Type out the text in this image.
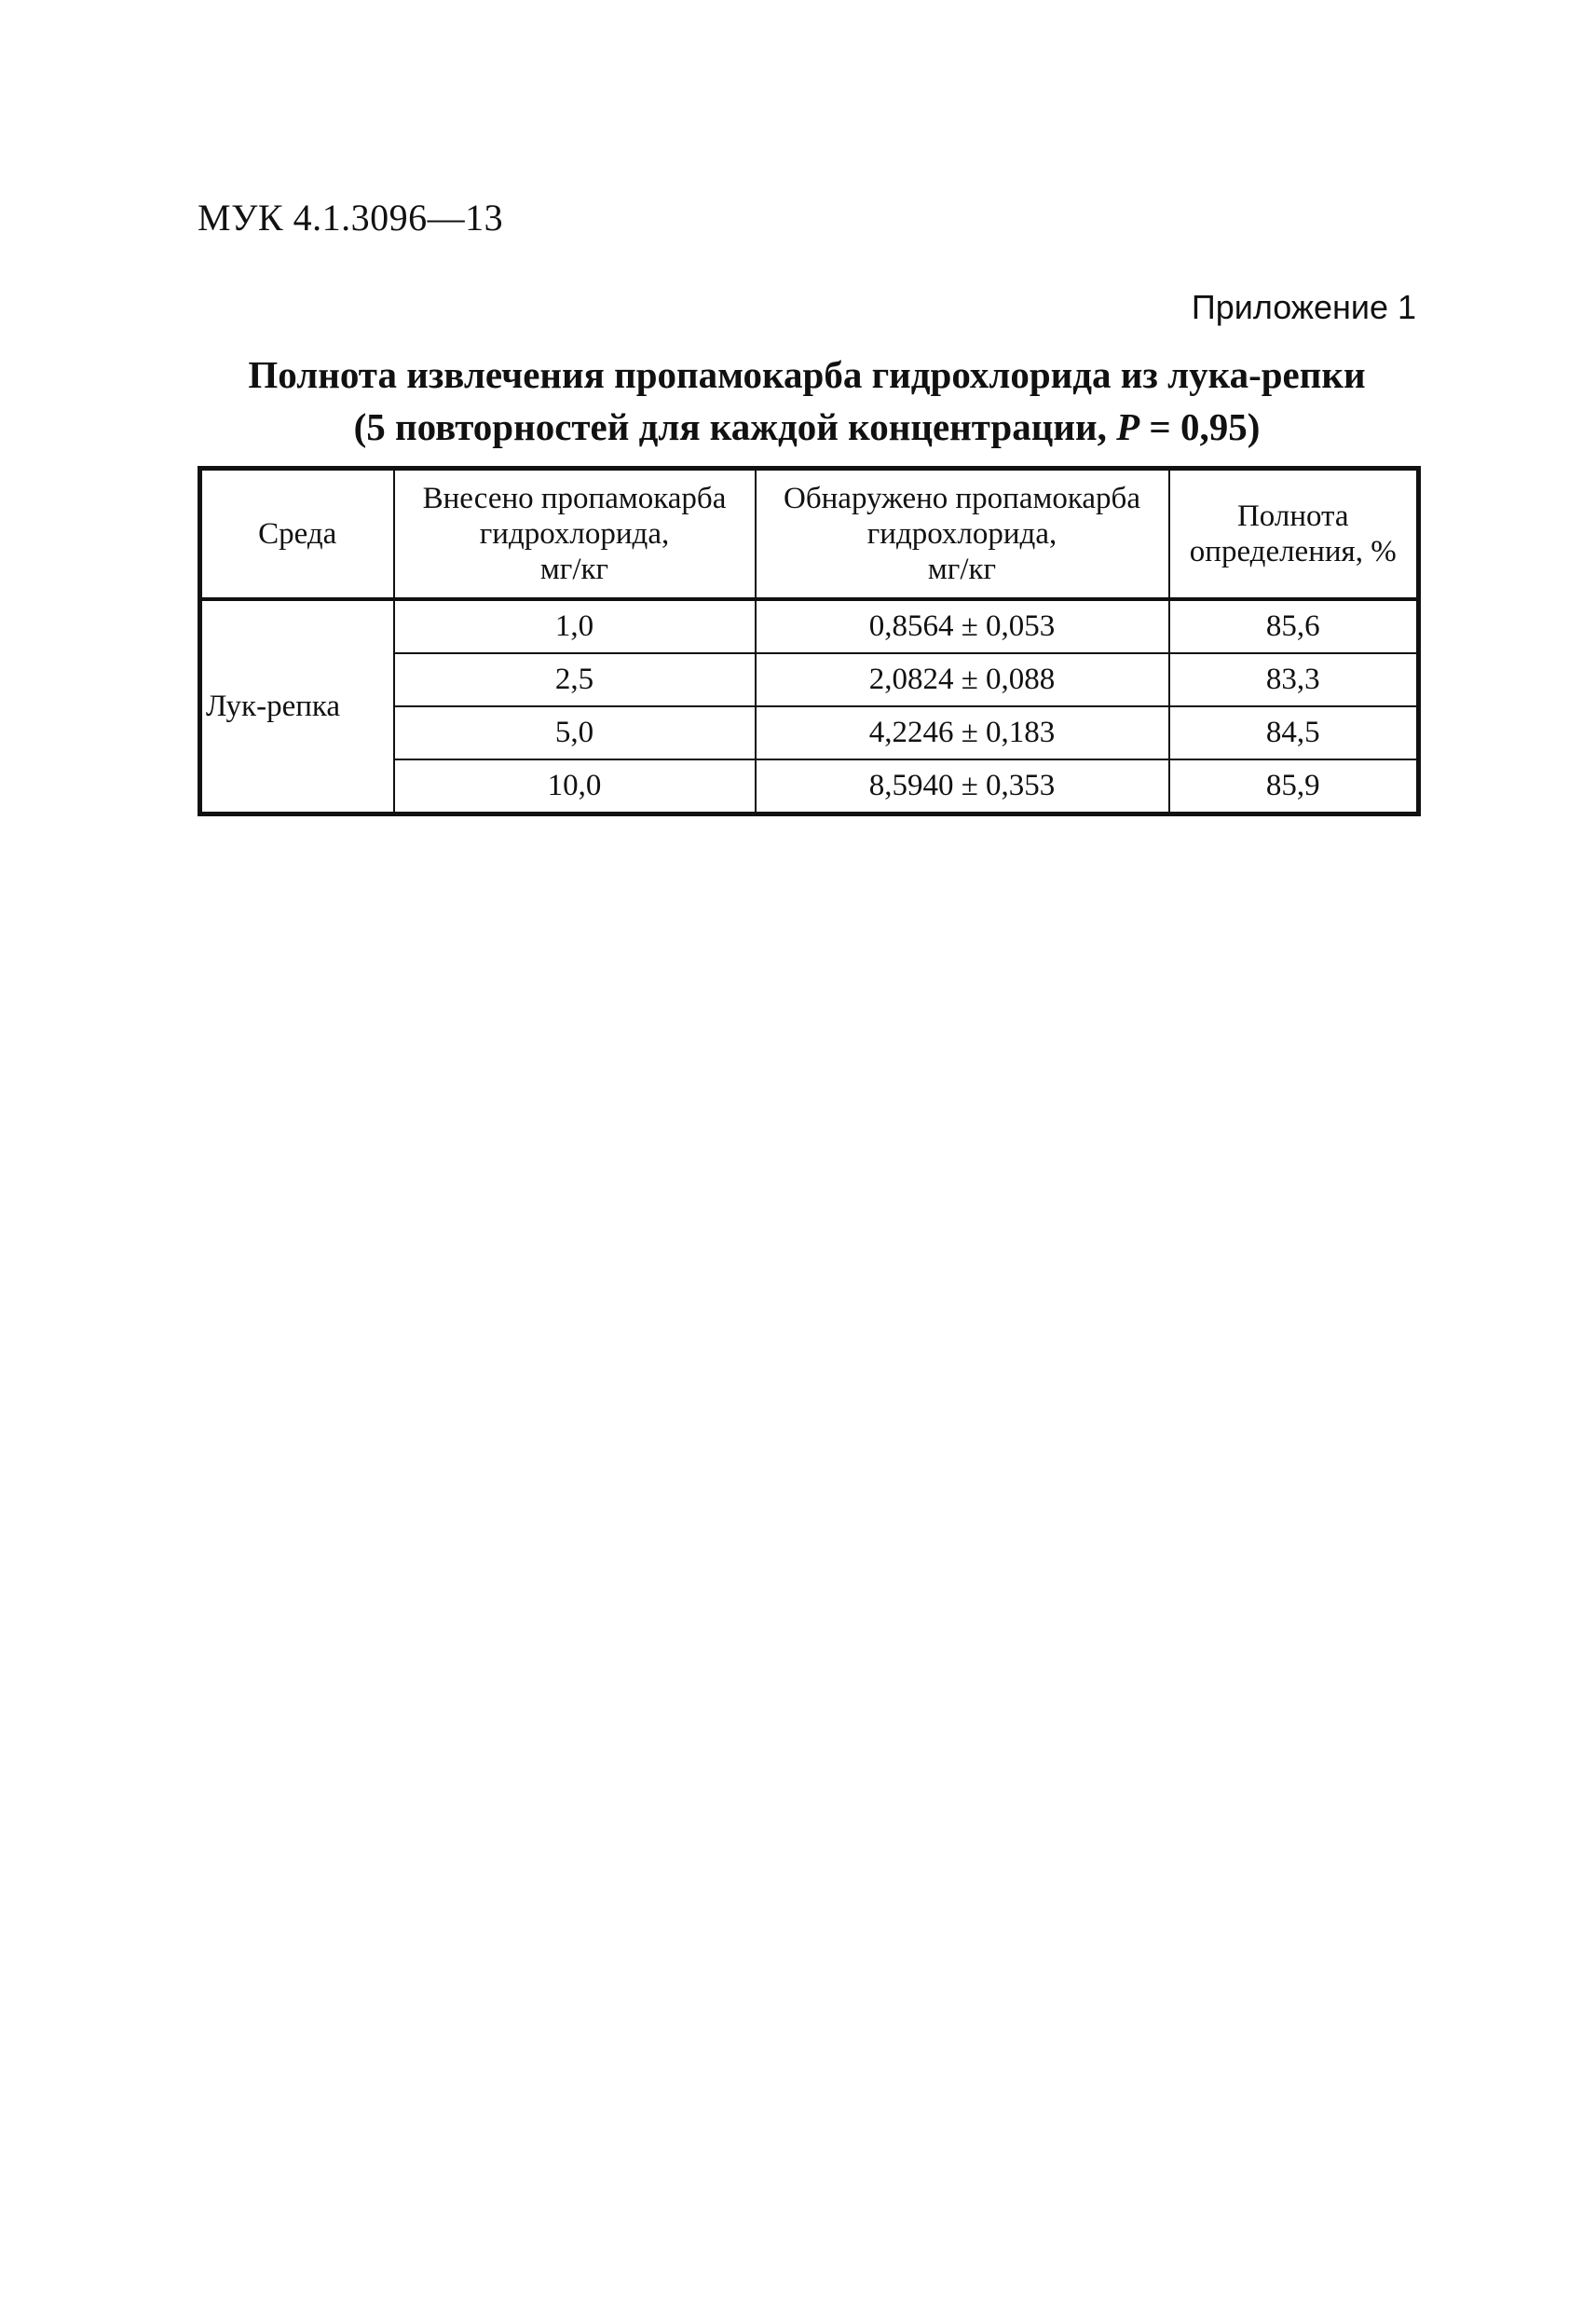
МУК 4.1.3096—13
Приложение 1
Полнота извлечения пропамокарба гидрохлорида из лука-репки
(5 повторностей для каждой концентрации, P = 0,95)
Среда	Внесено пропамокарба
гидрохлорида,
мг/кг	Обнаружено пропамокарба
гидрохлорида,
мг/кг	Полнота
определения, %

Лук-репка	1,0	0,8564 ± 0,053	85,6
	2,5	2,0824 ± 0,088	83,3
	5,0	4,2246 ± 0,183	84,5
	10,0	8,5940 ± 0,353	85,9
